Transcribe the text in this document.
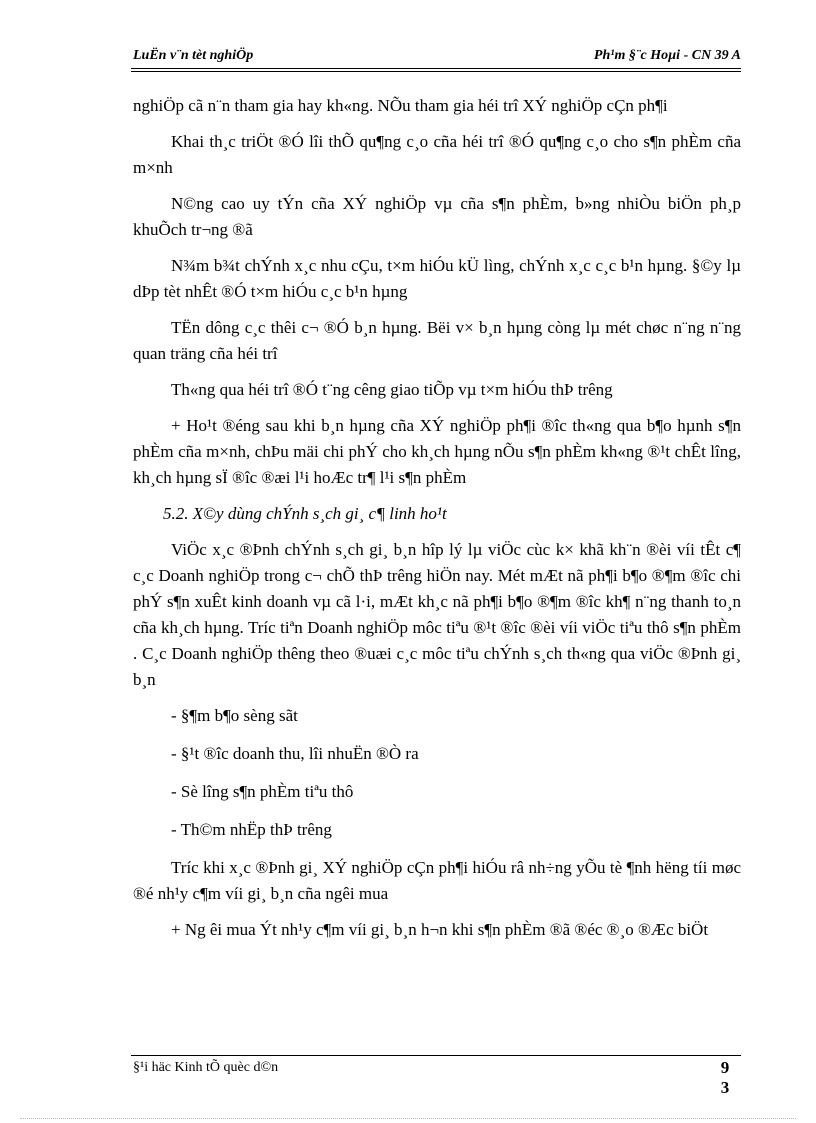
LuËn v¨n tèt nghiÖp	Ph¹m §¨c Hoµi - CN 39 A

nghiÖp cã n¨n tham gia hay kh«ng. NÕu tham gia héi trî XÝ nghiÖp cÇn ph¶i

Khai th¸c triÖt ®Ó lîi thÕ qu¶ng c¸o cña héi trî ®Ó qu¶ng c¸o cho s¶n phÈm cña m×nh

N©ng cao uy tÝn cña XÝ nghiÖp vµ cña s¶n phÈm, b»ng nhiÒu biÖn ph¸p khuÕch tr¬ng ®ã

N¾m b¾t chÝnh x¸c nhu cÇu, t×m hiÓu kÜ lìng, chÝnh x¸c c¸c b¹n hµng. §©y lµ dÞp tèt nhÊt ®Ó t×m hiÓu c¸c b¹n hµng

TËn dông c¸c thêi c¬ ®Ó b¸n hµng. Bëi v× b¸n hµng còng lµ mét chøc n¨ng n¨ng quan träng cña héi trî

Th«ng qua héi trî ®Ó t¨ng cêng giao tiÕp vµ t×m hiÓu thÞ trêng

+ Ho¹t ®éng sau khi b¸n hµng cña XÝ nghiÖp ph¶i ®îc th«ng qua b¶o hµnh s¶n phÈm cña m×nh, chÞu mäi chi phÝ cho kh¸ch hµng nÕu s¶n phÈm kh«ng ®¹t chÊt lîng, kh¸ch hµng sÏ ®îc ®æi l¹i hoÆc tr¶ l¹i s¶n phÈm

5.2. X©y dùng chÝnh s¸ch gi¸ c¶ linh ho¹t

ViÖc x¸c ®Þnh chÝnh s¸ch gi¸ b¸n hîp lý lµ viÖc cùc k× khã kh¨n ®èi víi tÊt c¶ c¸c Doanh nghiÖp trong c¬ chÕ thÞ trêng hiÖn nay. Mét mÆt nã ph¶i b¶o ®¶m ®îc chi phÝ s¶n xuÊt kinh doanh vµ cã l·i, mÆt kh¸c nã ph¶i b¶o ®¶m ®îc kh¶ n¨ng thanh to¸n cña kh¸ch hµng. Tríc tiªn Doanh nghiÖp môc tiªu ®¹t ®îc ®èi víi viÖc tiªu thô s¶n phÈm . C¸c Doanh nghiÖp thêng theo ®uæi c¸c môc tiªu chÝnh s¸ch th«ng qua viÖc ®Þnh gi¸ b¸n

- §¶m b¶o sèng sãt

- §¹t ®îc doanh thu, lîi nhuËn ®Ò ra

- Sè lîng s¶n phÈm tiªu thô

- Th©m nhËp thÞ trêng

Tríc khi x¸c ®Þnh gi¸ XÝ nghiÖp cÇn ph¶i hiÓu râ nh÷ng yÕu tè ¶nh hëng tíi møc ®é nh¹y c¶m víi gi¸ b¸n cña ngêi mua

+ Ng êi mua Ýt nh¹y c¶m víi gi¸ b¸n h¬n khi s¶n phÈm ®ã ®éc ®¸o ®Æc biÖt

§¹i häc Kinh tÕ quèc d©n	9
3
